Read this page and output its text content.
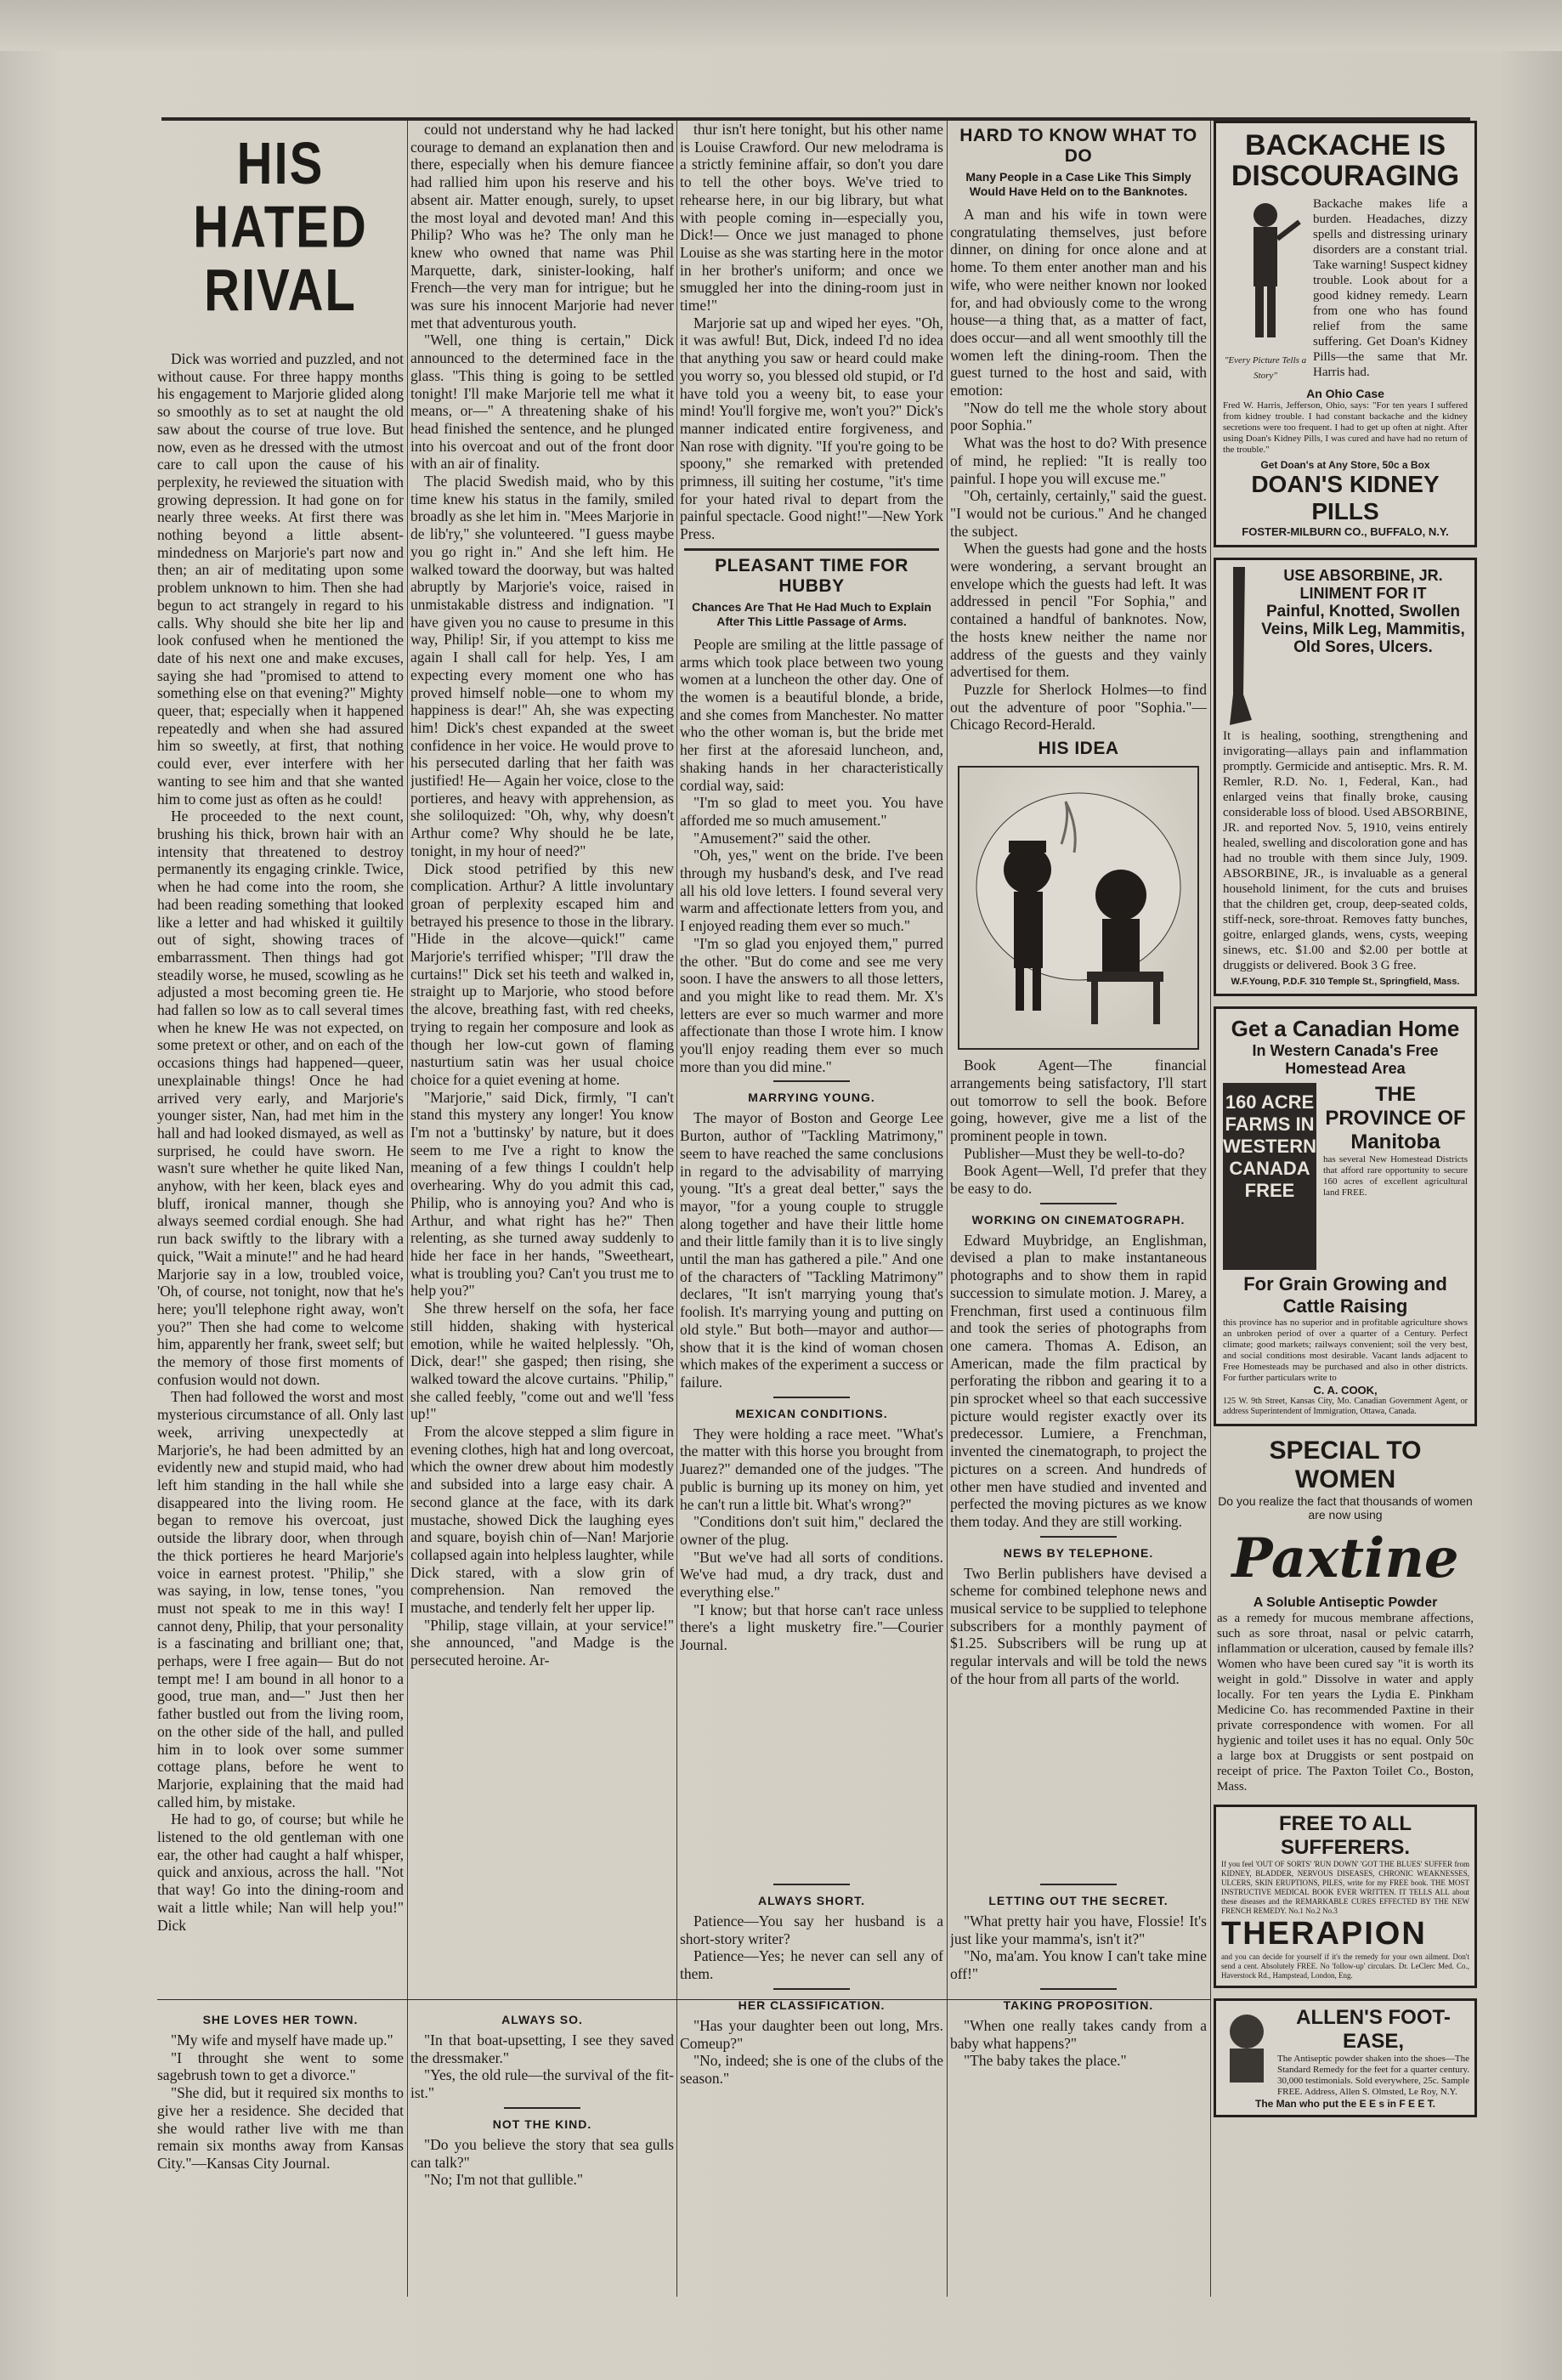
HIS HATED RIVAL

Dick was worried and puzzled, and not without cause. For three happy months his engagement to Marjorie glided along so smoothly as to set at naught the old saw about the course of true love. But now, even as he dressed with the utmost care to call upon the cause of his perplexity, he reviewed the situation with growing depression. It had gone on for nearly three weeks. At first there was nothing beyond a little absent-mindedness on Marjorie's part now and then; an air of meditating upon some problem unknown to him. Then she had begun to act strangely in regard to his calls. Why should she bite her lip and look confused when he mentioned the date of his next one and make excuses, saying she had "promised to attend to something else on that evening?" Mighty queer, that; especially when it happened repeatedly and when she had assured him so sweetly, at first, that nothing could ever, ever interfere with her wanting to see him and that she wanted him to come just as often as he could!

He proceeded to the next count, brushing his thick, brown hair with an intensity that threatened to destroy permanently its engaging crinkle. Twice, when he had come into the room, she had been reading something that looked like a letter and had whisked it guiltily out of sight, showing traces of embarrassment. Then things had got steadily worse, he mused, scowling as he adjusted a most becoming green tie. He had fallen so low as to call several times when he knew He was not expected, on some pretext or other, and on each of the occasions things had happened—queer, unexplainable things! Once he had arrived very early, and Marjorie's younger sister, Nan, had met him in the hall and had looked dismayed, as well as surprised, he could have sworn. He wasn't sure whether he quite liked Nan, anyhow, with her keen, black eyes and bluff, ironical manner, though she always seemed cordial enough. She had run back swiftly to the library with a quick, "Wait a minute!" and he had heard Marjorie say in a low, troubled voice, 'Oh, of course, not tonight, now that he's here; you'll telephone right away, won't you?" Then she had come to welcome him, apparently her frank, sweet self; but the memory of those first moments of confusion would not down.

Then had followed the worst and most mysterious circumstance of all. Only last week, arriving unexpectedly at Marjorie's, he had been admitted by an evidently new and stupid maid, who had left him standing in the hall while she disappeared into the living room. He began to remove his overcoat, just outside the library door, when through the thick portieres he heard Marjorie's voice in earnest protest. "Philip," she was saying, in low, tense tones, "you must not speak to me in this way! I cannot deny, Philip, that your personality is a fascinating and brilliant one; that, perhaps, were I free again— But do not tempt me! I am bound in all honor to a good, true man, and—" Just then her father bustled out from the living room, on the other side of the hall, and pulled him in to look over some summer cottage plans, before he went to Marjorie, explaining that the maid had called him, by mistake.

He had to go, of course; but while he listened to the old gentleman with one ear, the other had caught a half whisper, quick and anxious, across the hall. "Not that way! Go into the dining-room and wait a little while; Nan will help you!" Dick

could not understand why he had lacked courage to demand an explanation then and there, especially when his demure fiancee had rallied him upon his reserve and his absent air. Matter enough, surely, to upset the most loyal and devoted man! And this Philip? Who was he? The only man he knew who owned that name was Phil Marquette, dark, sinister-looking, half French—the very man for intrigue; but he was sure his innocent Marjorie had never met that adventurous youth.

"Well, one thing is certain," Dick announced to the determined face in the glass. "This thing is going to be settled tonight! I'll make Marjorie tell me what it means, or—" A threatening shake of his head finished the sentence, and he plunged into his overcoat and out of the front door with an air of finality.

The placid Swedish maid, who by this time knew his status in the family, smiled broadly as she let him in. "Mees Marjorie in de lib'ry," she volunteered. "I guess maybe you go right in." And she left him. He walked toward the doorway, but was halted abruptly by Marjorie's voice, raised in unmistakable distress and indignation. "I have given you no cause to presume in this way, Philip! Sir, if you attempt to kiss me again I shall call for help. Yes, I am expecting every moment one who has proved himself noble—one to whom my happiness is dear!" Ah, she was expecting him! Dick's chest expanded at the sweet confidence in her voice. He would prove to his persecuted darling that her faith was justified! He— Again her voice, close to the portieres, and heavy with apprehension, as she soliloquized: "Oh, why, why doesn't Arthur come? Why should he be late, tonight, in my hour of need?"

Dick stood petrified by this new complication. Arthur? A little involuntary groan of perplexity escaped him and betrayed his presence to those in the library. "Hide in the alcove—quick!" came Marjorie's terrified whisper; "I'll draw the curtains!" Dick set his teeth and walked in, straight up to Marjorie, who stood before the alcove, breathing fast, with red cheeks, trying to regain her composure and look as though her low-cut gown of flaming nasturtium satin was her usual choice choice for a quiet evening at home.

"Marjorie," said Dick, firmly, "I can't stand this mystery any longer! You know I'm not a 'buttinsky' by nature, but it does seem to me I've a right to know the meaning of a few things I couldn't help overhearing. Why do you admit this cad, Philip, who is annoying you? And who is Arthur, and what right has he?" Then relenting, as she turned away suddenly to hide her face in her hands, "Sweetheart, what is troubling you? Can't you trust me to help you?"

She threw herself on the sofa, her face still hidden, shaking with hysterical emotion, while he waited helplessly. "Oh, Dick, dear!" she gasped; then rising, she walked toward the alcove curtains. "Philip," she called feebly, "come out and we'll 'fess up!"

From the alcove stepped a slim figure in evening clothes, high hat and long overcoat, which the owner drew about him modestly and subsided into a large easy chair. A second glance at the face, with its dark mustache, showed Dick the laughing eyes and square, boyish chin of—Nan! Marjorie collapsed again into helpless laughter, while Dick stared, with a slow grin of comprehension. Nan removed the mustache, and tenderly felt her upper lip.

"Philip, stage villain, at your service!" she announced, "and Madge is the persecuted heroine. Ar-

thur isn't here tonight, but his other name is Louise Crawford. Our new melodrama is a strictly feminine affair, so don't you dare to tell the other boys. We've tried to rehearse here, in our big library, but what with people coming in—especially you, Dick!— Once we just managed to phone Louise as she was starting here in the motor in her brother's uniform; and once we smuggled her into the dining-room just in time!"

Marjorie sat up and wiped her eyes. "Oh, it was awful! But, Dick, indeed I'd no idea that anything you saw or heard could make you worry so, you blessed old stupid, or I'd have told you a weeny bit, to ease your mind! You'll forgive me, won't you?" Dick's manner indicated entire forgiveness, and Nan rose with dignity. "If you're going to be spoony," she remarked with pretended primness, ill suiting her costume, "it's time for your hated rival to depart from the painful spectacle. Good night!"—New York Press.

PLEASANT TIME FOR HUBBY
Chances Are That He Had Much to Explain After This Little Passage of Arms.

People are smiling at the little passage of arms which took place between two young women at a luncheon the other day. One of the women is a beautiful blonde, a bride, and she comes from Manchester. No matter who the other woman is, but the bride met her first at the aforesaid luncheon, and, shaking hands in her characteristically cordial way, said:

"I'm so glad to meet you. You have afforded me so much amusement."

"Amusement?" said the other.

"Oh, yes," went on the bride. I've been through my husband's desk, and I've read all his old love letters. I found several very warm and affectionate letters from you, and I enjoyed reading them ever so much."

"I'm so glad you enjoyed them," purred the other. "But do come and see me very soon. I have the answers to all those letters, and you might like to read them. Mr. X's letters are ever so much warmer and more affectionate than those I wrote him. I know you'll enjoy reading them ever so much more than you did mine."

MARRYING YOUNG.

The mayor of Boston and George Lee Burton, author of "Tackling Matrimony," seem to have reached the same conclusions in regard to the advisability of marrying young. "It's a great deal better," says the mayor, "for a young couple to struggle along together and have their little home and their little family than it is to live singly until the man has gathered a pile." And one of the characters of "Tackling Matrimony" declares, "It isn't marrying young that's foolish. It's marrying young and putting on old style." But both—mayor and author—show that it is the kind of woman chosen which makes of the experiment a success or failure.

MEXICAN CONDITIONS.

They were holding a race meet. "What's the matter with this horse you brought from Juarez?" demanded one of the judges. "The public is burning up its money on him, yet he can't run a little bit. What's wrong?"

"Conditions don't suit him," declared the owner of the plug.

"But we've had all sorts of conditions. We've had mud, a dry track, dust and everything else."

"I know; but that horse can't race unless there's a light musketry fire."—Courier Journal.

HARD TO KNOW WHAT TO DO
Many People in a Case Like This Simply Would Have Held on to the Banknotes.

A man and his wife in town were congratulating themselves, just before dinner, on dining for once alone and at home. To them enter another man and his wife, who were neither known nor looked for, and had obviously come to the wrong house—a thing that, as a matter of fact, does occur—and all went smoothly till the women left the dining-room. Then the guest turned to the host and said, with emotion:

"Now do tell me the whole story about poor Sophia."

What was the host to do? With presence of mind, he replied: "It is really too painful. I hope you will excuse me."

"Oh, certainly, certainly," said the guest. "I would not be curious." And he changed the subject.

When the guests had gone and the hosts were wondering, a servant brought an envelope which the guests had left. It was addressed in pencil "For Sophia," and contained a handful of banknotes. Now, the hosts knew neither the name nor address of the guests and they vainly advertised for them.

Puzzle for Sherlock Holmes—to find out the adventure of poor "Sophia."—Chicago Record-Herald.

HIS IDEA

Book Agent—The financial arrangements being satisfactory, I'll start out tomorrow to sell the book. Before going, however, give me a list of the prominent people in town.

Publisher—Must they be well-to-do?

Book Agent—Well, I'd prefer that they be easy to do.

WORKING ON CINEMATOGRAPH.

Edward Muybridge, an Englishman, devised a plan to make instantaneous photographs and to show them in rapid succession to simulate motion. J. Marey, a Frenchman, first used a continuous film and took the series of photographs from one camera. Thomas A. Edison, an American, made the film practical by perforating the ribbon and gearing it to a pin sprocket wheel so that each successive picture would register exactly over its predecessor. Lumiere, a Frenchman, invented the cinematograph, to project the pictures on a screen. And hundreds of other men have studied and invented and perfected the moving pictures as we know them today. And they are still working.

NEWS BY TELEPHONE.

Two Berlin publishers have devised a scheme for combined telephone news and musical service to be supplied to telephone subscribers for a monthly payment of $1.25. Subscribers will be rung up at regular intervals and will be told the news of the hour from all parts of the world.

SHE LOVES HER TOWN.

"My wife and myself have made up."

"I throught she went to some sagebrush town to get a divorce."

"She did, but it required six months to give her a residence. She decided that she would rather live with me than remain six months away from Kansas City."—Kansas City Journal.

ALWAYS SO.

"In that boat-upsetting, I see they saved the dressmaker."

"Yes, the old rule—the survival of the fit-ist."

NOT THE KIND.

"Do you believe the story that sea gulls can talk?"

"No; I'm not that gullible."

ALWAYS SHORT.

Patience—You say her husband is a short-story writer?

Patience—Yes; he never can sell any of them.

HER CLASSIFICATION.

"Has your daughter been out long, Mrs. Comeup?"

"No, indeed; she is one of the clubs of the season."

LETTING OUT THE SECRET.

"What pretty hair you have, Flossie! It's just like your mamma's, isn't it?"

"No, ma'am. You know I can't take mine off!"

TAKING PROPOSITION.

"When one really takes candy from a baby what happens?"

"The baby takes the place."

BACKACHE IS DISCOURAGING
"Every Picture Tells a Story"
Backache makes life a burden. Headaches, dizzy spells and distressing urinary disorders are a constant trial. Take warning! Suspect kidney trouble. Look about for a good kidney remedy. Learn from one who has found relief from the same suffering. Get Doan's Kidney Pills—the same that Mr. Harris had.
An Ohio Case
Fred W. Harris, Jefferson, Ohio, says: "For ten years I suffered from kidney trouble. I had constant backache and the kidney secretions were too frequent. I had to get up often at night. After using Doan's Kidney Pills, I was cured and have had no return of the trouble."
Get Doan's at Any Store, 50c a Box
DOAN'S KIDNEY PILLS
FOSTER-MILBURN CO., BUFFALO, N.Y.
USE ABSORBINE, JR. LINIMENT FOR IT
Painful, Knotted, Swollen Veins, Milk Leg, Mammitis, Old Sores, Ulcers.
It is healing, soothing, strengthening and invigorating—allays pain and inflammation promptly. Germicide and antiseptic. Mrs. R. M. Remler, R.D. No. 1, Federal, Kan., had enlarged veins that finally broke, causing considerable loss of blood. Used ABSORBINE, JR. and reported Nov. 5, 1910, veins entirely healed, swelling and discoloration gone and has had no trouble with them since July, 1909. ABSORBINE, JR., is invaluable as a general household liniment, for the cuts and bruises that the children get, croup, deep-seated colds, stiff-neck, sore-throat. Removes fatty bunches, goitre, enlarged glands, wens, cysts, weeping sinews, etc. $1.00 and $2.00 per bottle at druggists or delivered. Book 3 G free.
W.F.Young, P.D.F. 310 Temple St., Springfield, Mass.
Get a Canadian Home
In Western Canada's Free Homestead Area
160 ACRE FARMS IN WESTERN CANADA FREE
THE PROVINCE OF Manitoba
has several New Homestead Districts that afford rare opportunity to secure 160 acres of excellent agricultural land FREE.
For Grain Growing and Cattle Raising
this province has no superior and in profitable agriculture shows an unbroken period of over a quarter of a Century. Perfect climate; good markets; railways convenient; soil the very best, and social conditions most desirable. Vacant lands adjacent to Free Homesteads may be purchased and also in other districts. For further particulars write to
C. A. COOK,
125 W. 9th Street, Kansas City, Mo. Canadian Government Agent, or address Superintendent of Immigration, Ottawa, Canada.
SPECIAL TO WOMEN
Do you realize the fact that thousands of women are now using
Paxtine
A Soluble Antiseptic Powder
as a remedy for mucous membrane affections, such as sore throat, nasal or pelvic catarrh, inflammation or ulceration, caused by female ills? Women who have been cured say "it is worth its weight in gold." Dissolve in water and apply locally. For ten years the Lydia E. Pinkham Medicine Co. has recommended Paxtine in their private correspondence with women. For all hygienic and toilet uses it has no equal. Only 50c a large box at Druggists or sent postpaid on receipt of price. The Paxton Toilet Co., Boston, Mass.
FREE TO ALL SUFFERERS.
If you feel 'OUT OF SORTS' 'RUN DOWN' 'GOT THE BLUES' SUFFER from KIDNEY, BLADDER, NERVOUS DISEASES, CHRONIC WEAKNESSES, ULCERS, SKIN ERUPTIONS, PILES, write for my FREE book. THE MOST INSTRUCTIVE MEDICAL BOOK EVER WRITTEN. IT TELLS ALL about these diseases and the REMARKABLE CURES EFFECTED BY THE NEW FRENCH REMEDY. No.1 No.2 No.3
THERAPION
and you can decide for yourself if it's the remedy for your own ailment. Don't send a cent. Absolutely FREE. No 'follow-up' circulars. Dr. LeClerc Med. Co., Haverstock Rd., Hampstead, London, Eng.
ALLEN'S FOOT-EASE,
The Antiseptic powder shaken into the shoes—The Standard Remedy for the feet for a quarter century. 30,000 testimonials. Sold everywhere, 25c. Sample FREE. Address, Allen S. Olmsted, Le Roy, N.Y.
The Man who put the E E s in F E E T.
